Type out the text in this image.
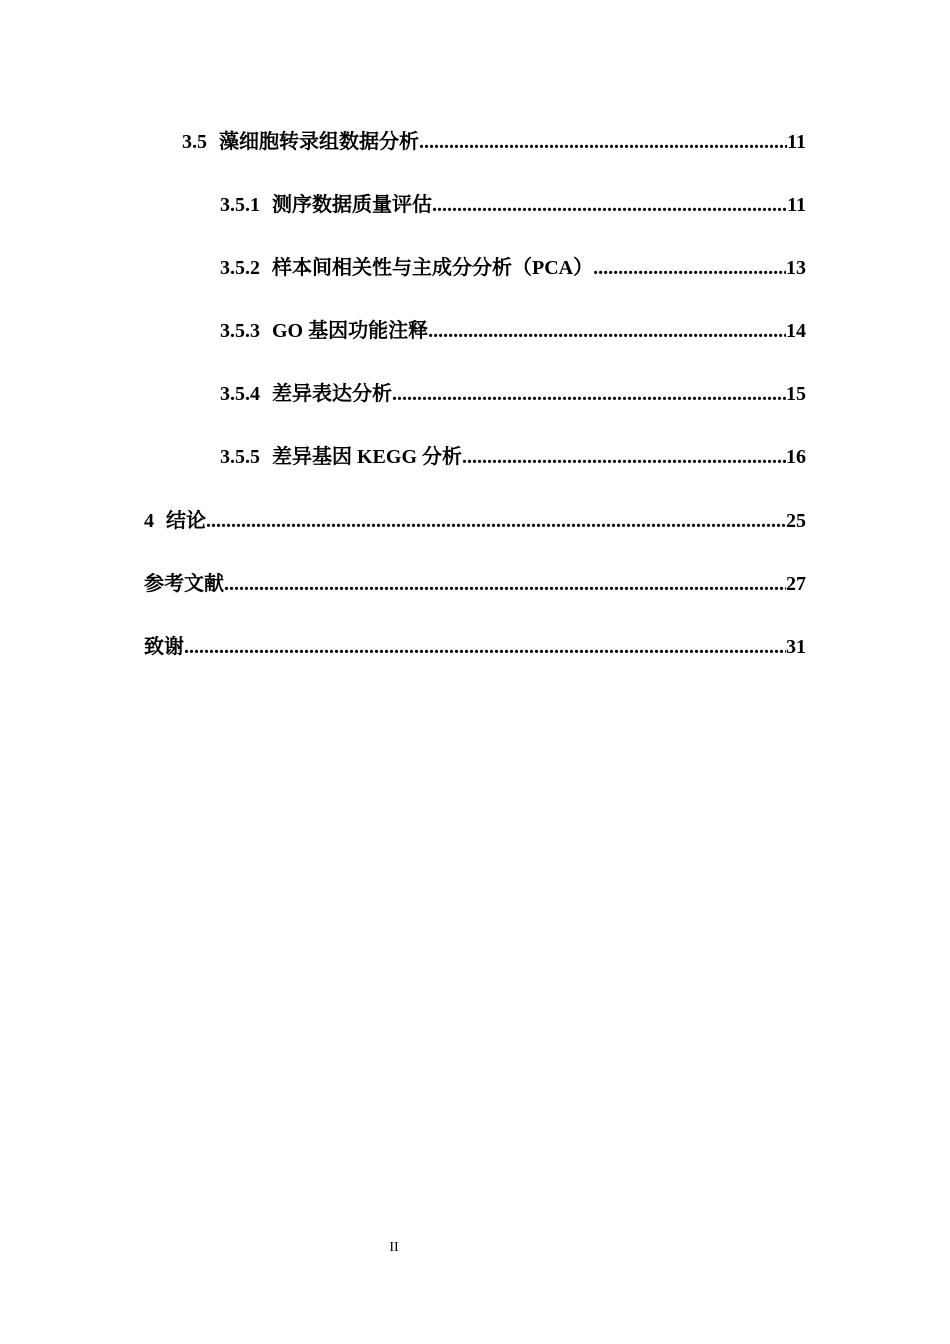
3.5 藻细胞转录组数据分析 .....	11
3.5.1 测序数据质量评估 .....	11
3.5.2 样本间相关性与主成分分析（PCA） .....	13
3.5.3 GO 基因功能注释 .....	14
3.5.4 差异表达分析 .....	15
3.5.5 差异基因 KEGG 分析 .....	16
4 结论 .....	25
参考文献 .....	27
致谢 .....	31
II
